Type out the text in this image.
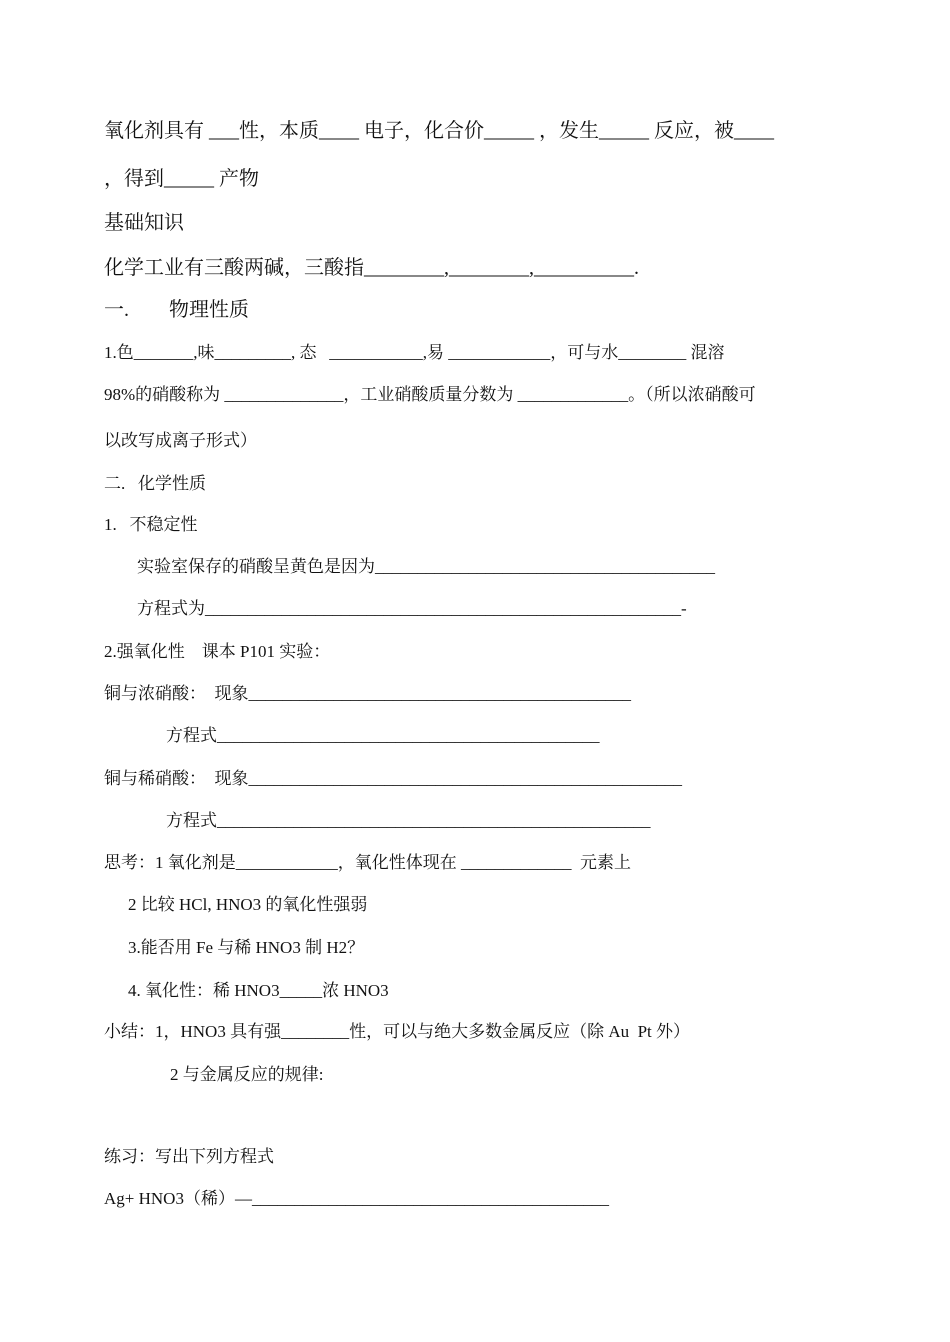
氧化剂具有 ___性，本质____ 电子，化合价_____ ，发生_____ 反应，被____
，得到_____ 产物
基础知识
化学工业有三酸两碱，三酸指________,________,__________.
一.        物理性质
1.色_______,味_________, 态   ___________,易 ____________，可与水________ 混溶
98%的硝酸称为 ______________，工业硝酸质量分数为 _____________。（所以浓硝酸可
以改写成离子形式）
二.   化学性质
1.   不稳定性
实验室保存的硝酸呈黄色是因为________________________________________
方程式为________________________________________________________-
2.强氧化性    课本 P101 实验：
铜与浓硝酸：  现象_____________________________________________
方程式_____________________________________________
铜与稀硝酸：  现象___________________________________________________
方程式___________________________________________________
思考：1 氧化剂是____________，氧化性体现在 _____________  元素上
2 比较 HCl, HNO3 的氧化性强弱
3.能否用 Fe 与稀 HNO3 制 H2？
4. 氧化性：稀 HNO3_____浓 HNO3
小结：1，HNO3 具有强________性，可以与绝大多数金属反应（除 Au  Pt 外）
2 与金属反应的规律:
练习：写出下列方程式
Ag+ HNO3（稀）—__________________________________________
